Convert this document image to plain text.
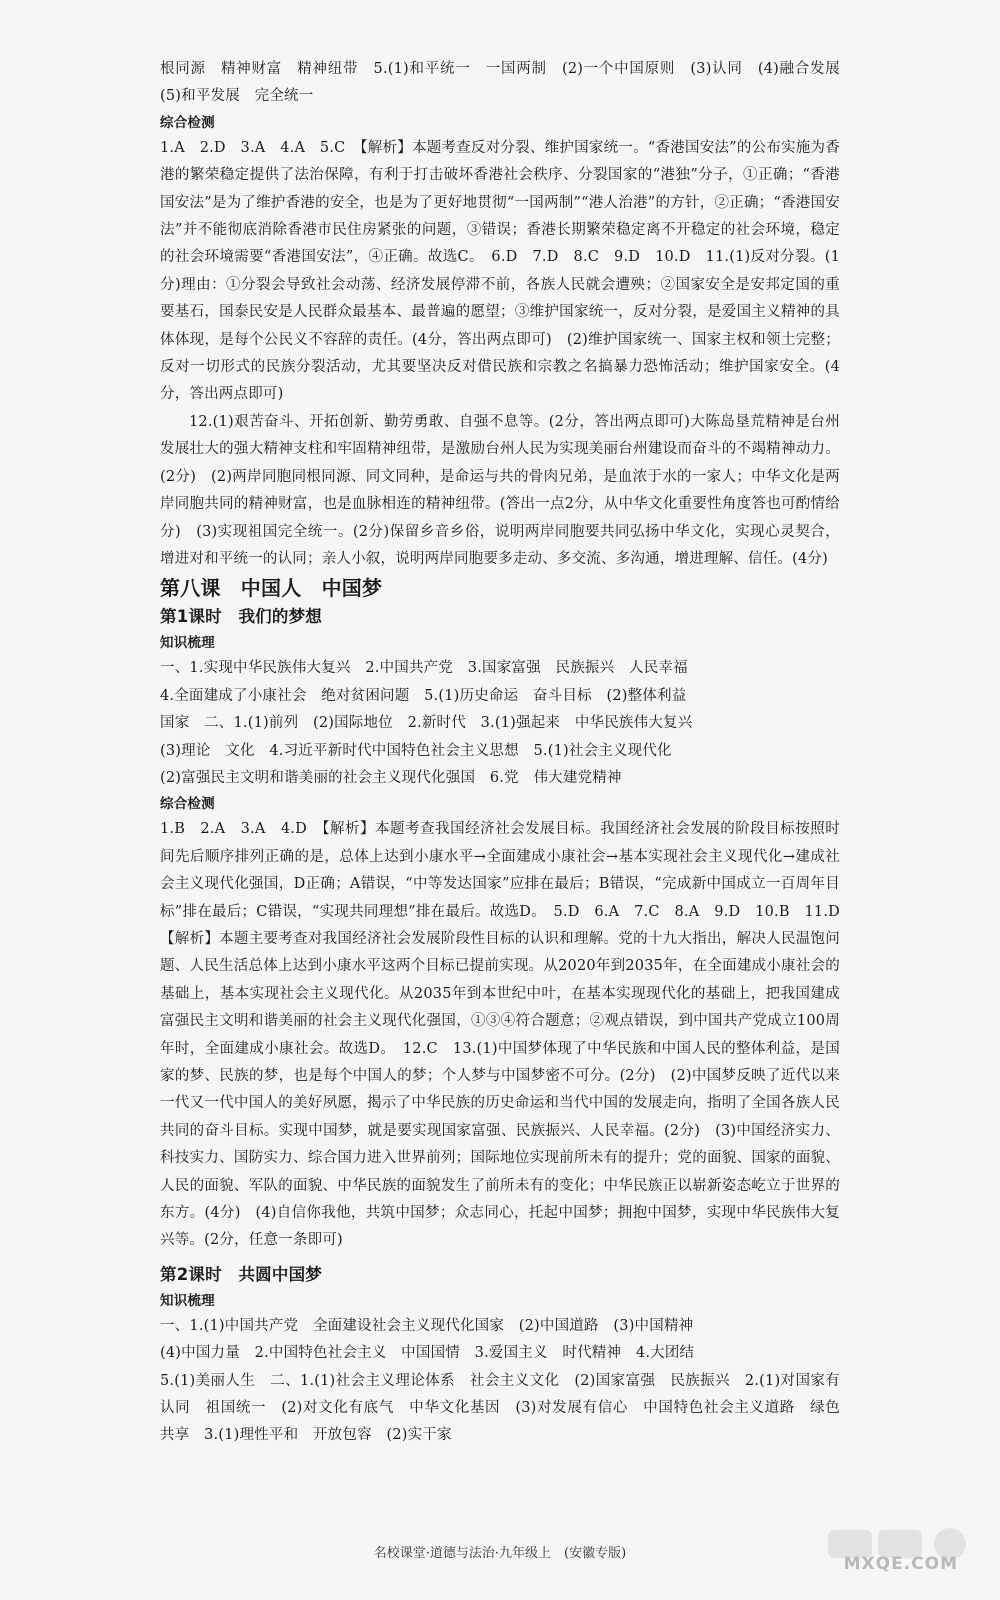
根同源　精神财富　精神纽带　5.(1)和平统一　一国两制　(2)一个中国原则　(3)认同　(4)融合发展　(5)和平发展　完全统一

综合检测

1.A　2.D　3.A　4.A　5.C　【解析】本题考查反对分裂、维护国家统一。“香港国安法”的公布实施为香港的繁荣稳定提供了法治保障，有利于打击破坏香港社会秩序、分裂国家的“港独”分子，①正确；“香港国安法”是为了维护香港的安全，也是为了更好地贯彻“一国两制”“港人治港”的方针，②正确；“香港国安法”并不能彻底消除香港市民住房紧张的问题，③错误；香港长期繁荣稳定离不开稳定的社会环境，稳定的社会环境需要“香港国安法”，④正确。故选C。　6.D　7.D　8.C　9.D　10.D　11.(1)反对分裂。(1分)理由：①分裂会导致社会动荡、经济发展停滞不前，各族人民就会遭殃；②国家安全是安邦定国的重要基石，国泰民安是人民群众最基本、最普遍的愿望；③维护国家统一，反对分裂，是爱国主义精神的具体体现，是每个公民义不容辞的责任。(4分，答出两点即可)　(2)维护国家统一、国家主权和领土完整；反对一切形式的民族分裂活动，尤其要坚决反对借民族和宗教之名搞暴力恐怖活动；维护国家安全。(4分，答出两点即可)

12.(1)艰苦奋斗、开拓创新、勤劳勇敢、自强不息等。(2分，答出两点即可)大陈岛垦荒精神是台州发展壮大的强大精神支柱和牢固精神纽带，是激励台州人民为实现美丽台州建设而奋斗的不竭精神动力。(2分)　(2)两岸同胞同根同源、同文同种，是命运与共的骨肉兄弟，是血浓于水的一家人；中华文化是两岸同胞共同的精神财富，也是血脉相连的精神纽带。(答出一点2分，从中华文化重要性角度答也可酌情给分)　(3)实现祖国完全统一。(2分)保留乡音乡俗，说明两岸同胞要共同弘扬中华文化，实现心灵契合，增进对和平统一的认同；亲人小叙，说明两岸同胞要多走动、多交流、多沟通，增进理解、信任。(4分)

第八课　中国人　中国梦

第1课时　我们的梦想

知识梳理

一、1.实现中华民族伟大复兴　2.中国共产党　3.国家富强　民族振兴　人民幸福

4.全面建成了小康社会　绝对贫困问题　5.(1)历史命运　奋斗目标　(2)整体利益

国家　二、1.(1)前列　(2)国际地位　2.新时代　3.(1)强起来　中华民族伟大复兴

(3)理论　文化　4.习近平新时代中国特色社会主义思想　5.(1)社会主义现代化

(2)富强民主文明和谐美丽的社会主义现代化强国　6.党　伟大建党精神

综合检测

1.B　2.A　3.A　4.D　【解析】本题考查我国经济社会发展目标。我国经济社会发展的阶段目标按照时间先后顺序排列正确的是，总体上达到小康水平→全面建成小康社会→基本实现社会主义现代化→建成社会主义现代化强国，D正确；A错误，“中等发达国家”应排在最后；B错误，“完成新中国成立一百周年目标”排在最后；C错误，“实现共同理想”排在最后。故选D。　5.D　6.A　7.C　8.A　9.D　10.B　11.D　【解析】本题主要考查对我国经济社会发展阶段性目标的认识和理解。党的十九大指出，解决人民温饱问题、人民生活总体上达到小康水平这两个目标已提前实现。从2020年到2035年，在全面建成小康社会的基础上，基本实现社会主义现代化。从2035年到本世纪中叶，在基本实现现代化的基础上，把我国建成富强民主文明和谐美丽的社会主义现代化强国，①③④符合题意；②观点错误，到中国共产党成立100周年时，全面建成小康社会。故选D。　12.C　13.(1)中国梦体现了中华民族和中国人民的整体利益，是国家的梦、民族的梦，也是每个中国人的梦；个人梦与中国梦密不可分。(2分)　(2)中国梦反映了近代以来一代又一代中国人的美好夙愿，揭示了中华民族的历史命运和当代中国的发展走向，指明了全国各族人民共同的奋斗目标。实现中国梦，就是要实现国家富强、民族振兴、人民幸福。(2分)　(3)中国经济实力、科技实力、国防实力、综合国力进入世界前列；国际地位实现前所未有的提升；党的面貌、国家的面貌、人民的面貌、军队的面貌、中华民族的面貌发生了前所未有的变化；中华民族正以崭新姿态屹立于世界的东方。(4分)　(4)自信你我他，共筑中国梦；众志同心，托起中国梦；拥抱中国梦，实现中华民族伟大复兴等。(2分，任意一条即可)

第2课时　共圆中国梦

知识梳理

一、1.(1)中国共产党　全面建设社会主义现代化国家　(2)中国道路　(3)中国精神

(4)中国力量　2.中国特色社会主义　中国国情　3.爱国主义　时代精神　4.大团结

5.(1)美丽人生　二、1.(1)社会主义理论体系　社会主义文化　(2)国家富强　民族振兴　2.(1)对国家有认同　祖国统一　(2)对文化有底气　中华文化基因　(3)对发展有信心　中国特色社会主义道路　绿色　共享　3.(1)理性平和　开放包容　(2)实干家

名校课堂·道德与法治·九年级上　(安徽专版)
MXQE.COM
